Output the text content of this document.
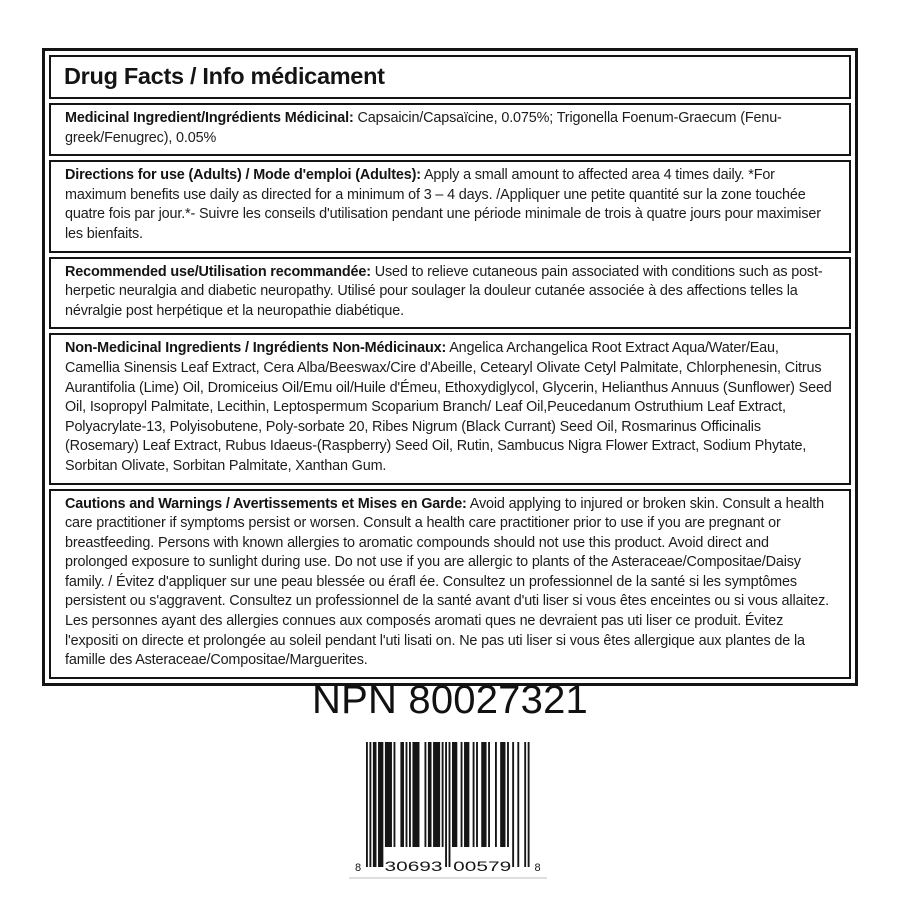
Drug Facts / Info médicament
Medicinal Ingredient/Ingrédients Médicinal: Capsaicin/Capsaïcine, 0.075%; Trigonella Foenum-Graecum (Fenu-greek/Fenugrec), 0.05%
Directions for use (Adults) / Mode d'emploi (Adultes): Apply a small amount to affected area 4 times daily. *For maximum benefits use daily as directed for a minimum of 3 – 4 days. /Appliquer une petite quantité sur la zone touchée quatre fois par jour.*- Suivre les conseils d'utilisation pendant une période minimale de trois à quatre jours pour maximiser les bienfaits.
Recommended use/Utilisation recommandée: Used to relieve cutaneous pain associated with conditions such as post-herpetic neuralgia and diabetic neuropathy. Utilisé pour soulager la douleur cutanée associée à des affections telles la névralgie post herpétique et la neuropathie diabétique.
Non-Medicinal Ingredients / Ingrédients Non-Médicinaux: Angelica Archangelica Root Extract Aqua/Water/Eau, Camellia Sinensis Leaf Extract, Cera Alba/Beeswax/Cire d'Abeille, Cetearyl Olivate Cetyl Palmitate, Chlorphenesin, Citrus Aurantifolia (Lime) Oil, Dromiceius Oil/Emu oil/Huile d'Émeu, Ethoxydiglycol, Glycerin, Helianthus Annuus (Sunflower) Seed Oil, Isopropyl Palmitate, Lecithin, Leptospermum Scoparium Branch/ Leaf Oil,Peucedanum Ostruthium Leaf Extract, Polyacrylate-13, Polyisobutene, Poly-sorbate 20, Ribes Nigrum (Black Currant) Seed Oil, Rosmarinus Officinalis (Rosemary) Leaf Extract, Rubus Idaeus-(Raspberry) Seed Oil, Rutin, Sambucus Nigra Flower Extract, Sodium Phytate, Sorbitan Olivate, Sorbitan Palmitate, Xanthan Gum.
Cautions and Warnings / Avertissements et Mises en Garde: Avoid applying to injured or broken skin. Consult a health care practitioner if symptoms persist or worsen. Consult a health care practitioner prior to use if you are pregnant or breastfeeding. Persons with known allergies to aromatic compounds should not use this product. Avoid direct and prolonged exposure to sunlight during use. Do not use if you are allergic to plants of the Asteraceae/Compositae/Daisy family. / Évitez d'appliquer sur une peau blessée ou érafl ée. Consultez un professionnel de la santé si les symptômes persistent ou s'aggravent. Consultez un professionnel de la santé avant d'uti liser si vous êtes enceintes ou si vous allaitez. Les personnes ayant des allergies connues aux composés aromati ques ne devraient pas uti liser ce produit. Évitez l'expositi on directe et prolongée au soleil pendant l'uti lisati on. Ne pas uti liser si vous êtes allergique aux plantes de la famille des Asteraceae/Compositae/Marguerites.
NPN 80027321
8 30693 00579 8
